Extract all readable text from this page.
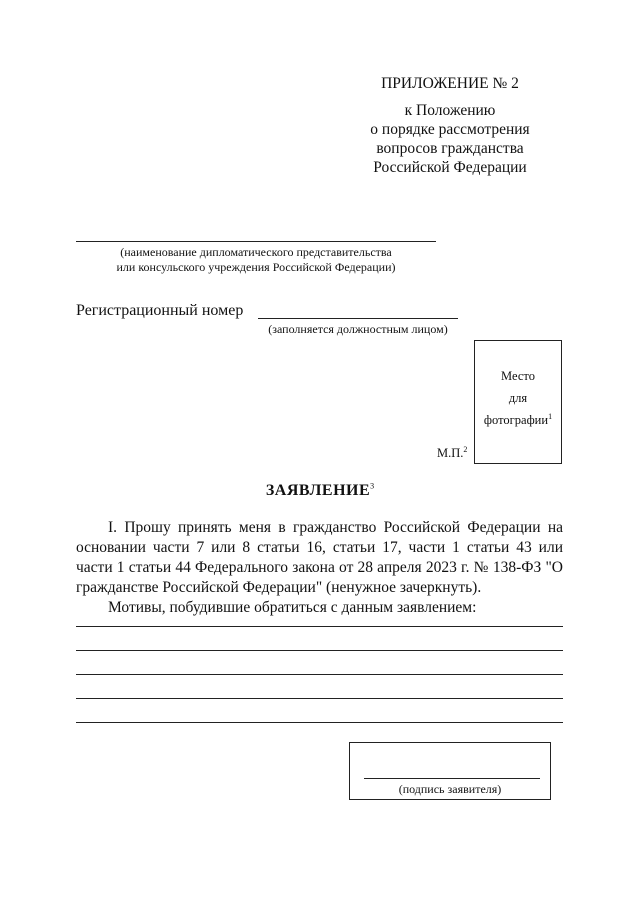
ПРИЛОЖЕНИЕ № 2
к Положению
о порядке рассмотрения
вопросов гражданства
Российской Федерации
(наименование дипломатического представительства
или консульского учреждения Российской Федерации)
Регистрационный номер
(заполняется должностным лицом)
Место
для
фотографии$^1$
М.П.$^2$
ЗАЯВЛЕНИЕ$^3$

I. Прошу принять меня в гражданство Российской Федерации на основании части 7 или 8 статьи 16, статьи 17, части 1 статьи 43 или части 1 статьи 44 Федерального закона от 28 апреля 2023 г. № 138-ФЗ "О гражданстве Российской Федерации" (ненужное зачеркнуть).

Мотивы, побудившие обратиться с данным заявлением:

(подпись заявителя)
